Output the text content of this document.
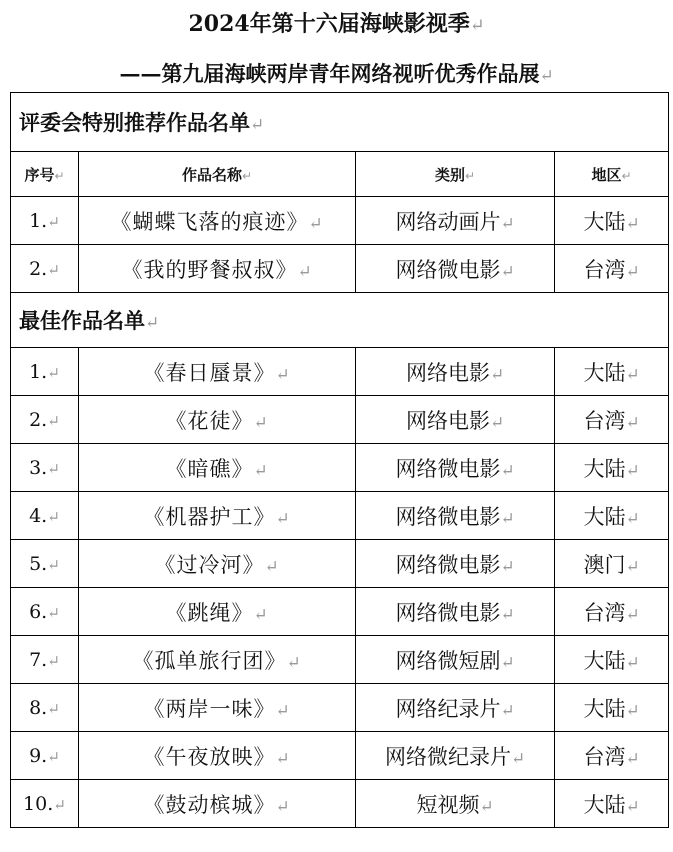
2024年第十六届海峡影视季↵
——第九届海峡两岸青年网络视听优秀作品展↵
评委会特别推荐作品名单↵			
序号↵	作品名称↵	类别↵	地区↵
1.↵	《蝴蝶飞落的痕迹》↵	网络动画片↵	大陆↵
2.↵	《我的野餐叔叔》↵	网络微电影↵	台湾↵
最佳作品名单↵			
1.↵	《春日蜃景》↵	网络电影↵	大陆↵
2.↵	《花徒》↵	网络电影↵	台湾↵
3.↵	《暗礁》↵	网络微电影↵	大陆↵
4.↵	《机器护工》↵	网络微电影↵	大陆↵
5.↵	《过冷河》↵	网络微电影↵	澳门↵
6.↵	《跳绳》↵	网络微电影↵	台湾↵
7.↵	《孤单旅行团》↵	网络微短剧↵	大陆↵
8.↵	《两岸一味》↵	网络纪录片↵	大陆↵
9.↵	《午夜放映》↵	网络微纪录片↵	台湾↵
10.↵	《鼓动槟城》↵	短视频↵	大陆↵
